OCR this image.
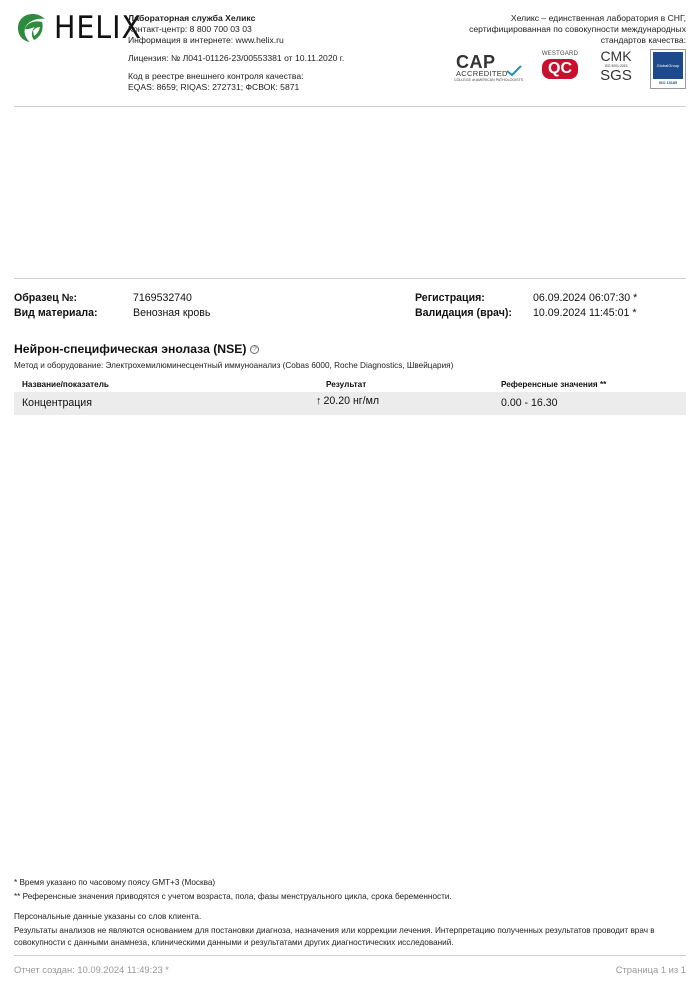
HELIX
Лабораторная служба Хеликс
Контакт-центр: 8 800 700 03 03
Информация в интернете: www.helix.ru
Лицензия: № Л041-01126-23/00553381 от 10.11.2020 г.
Код в реестре внешнего контроля качества:
EQAS: 8659; RIQAS: 272731; ФСВОК: 5871
Хеликс – единственная лаборатория в СНГ,
сертифицированная по совокупности международных
стандартов качества:
CAP
ACCREDITED
COLLEGE of AMERICAN PATHOLOGISTS
WESTGARD
QC
CMK
ISO 9001:2015
SGS
GlobalGroup
ISO 15189
Образец №:	7169532740
Вид материала:	Венозная кровь
Регистрация:	06.09.2024 06:07:30 *
Валидация (врач): 10.09.2024 11:45:01 *
Нейрон-специфическая энолаза (NSE)	?
Метод и оборудование: Электрохемилюминесцентный иммуноанализ (Cobas 6000, Roche Diagnostics, Швейцария)
Название/показатель	Результат	Референсные значения **
Концентрация	↑ 20.20 нг/мл	0.00 - 16.30
* Время указано по часовому поясу GMT+3 (Москва)
** Референсные значения приводятся с учетом возраста, пола, фазы менструального цикла, срока беременности.
Персональные данные указаны со слов клиента.
Результаты анализов не являются основанием для постановки диагноза, назначения или коррекции лечения. Интерпретацию полученных результатов проводит врач в совокупности с данными анамнеза, клиническими данными и результатами других диагностических исследований.
Отчет создан: 10.09.2024 11:49:23 *	Страница 1 из 1
